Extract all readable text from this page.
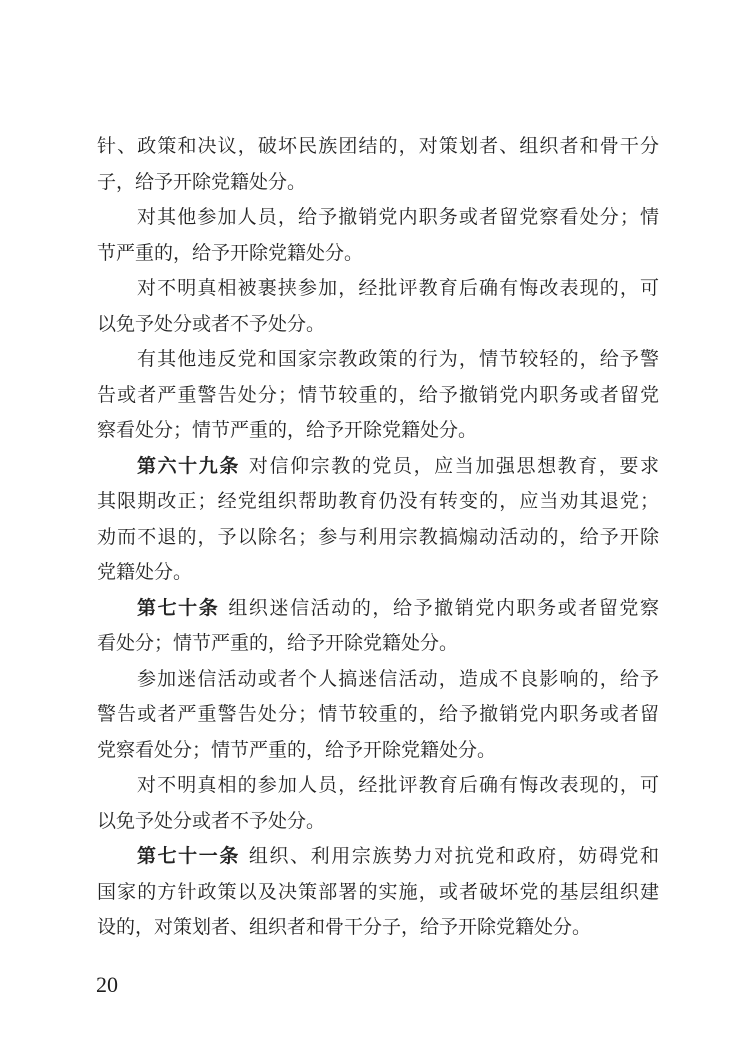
针、政策和决议，破坏民族团结的，对策划者、组织者和骨干分
子，给予开除党籍处分。
对其他参加人员，给予撤销党内职务或者留党察看处分；情
节严重的，给予开除党籍处分。
对不明真相被裹挟参加，经批评教育后确有悔改表现的，可
以免予处分或者不予处分。
有其他违反党和国家宗教政策的行为，情节较轻的，给予警
告或者严重警告处分；情节较重的，给予撤销党内职务或者留党
察看处分；情节严重的，给予开除党籍处分。
第六十九条 对信仰宗教的党员，应当加强思想教育，要求
其限期改正；经党组织帮助教育仍没有转变的，应当劝其退党；
劝而不退的，予以除名；参与利用宗教搞煽动活动的，给予开除
党籍处分。
第七十条 组织迷信活动的，给予撤销党内职务或者留党察
看处分；情节严重的，给予开除党籍处分。
参加迷信活动或者个人搞迷信活动，造成不良影响的，给予
警告或者严重警告处分；情节较重的，给予撤销党内职务或者留
党察看处分；情节严重的，给予开除党籍处分。
对不明真相的参加人员，经批评教育后确有悔改表现的，可
以免予处分或者不予处分。
第七十一条 组织、利用宗族势力对抗党和政府，妨碍党和
国家的方针政策以及决策部署的实施，或者破坏党的基层组织建
设的，对策划者、组织者和骨干分子，给予开除党籍处分。
20
